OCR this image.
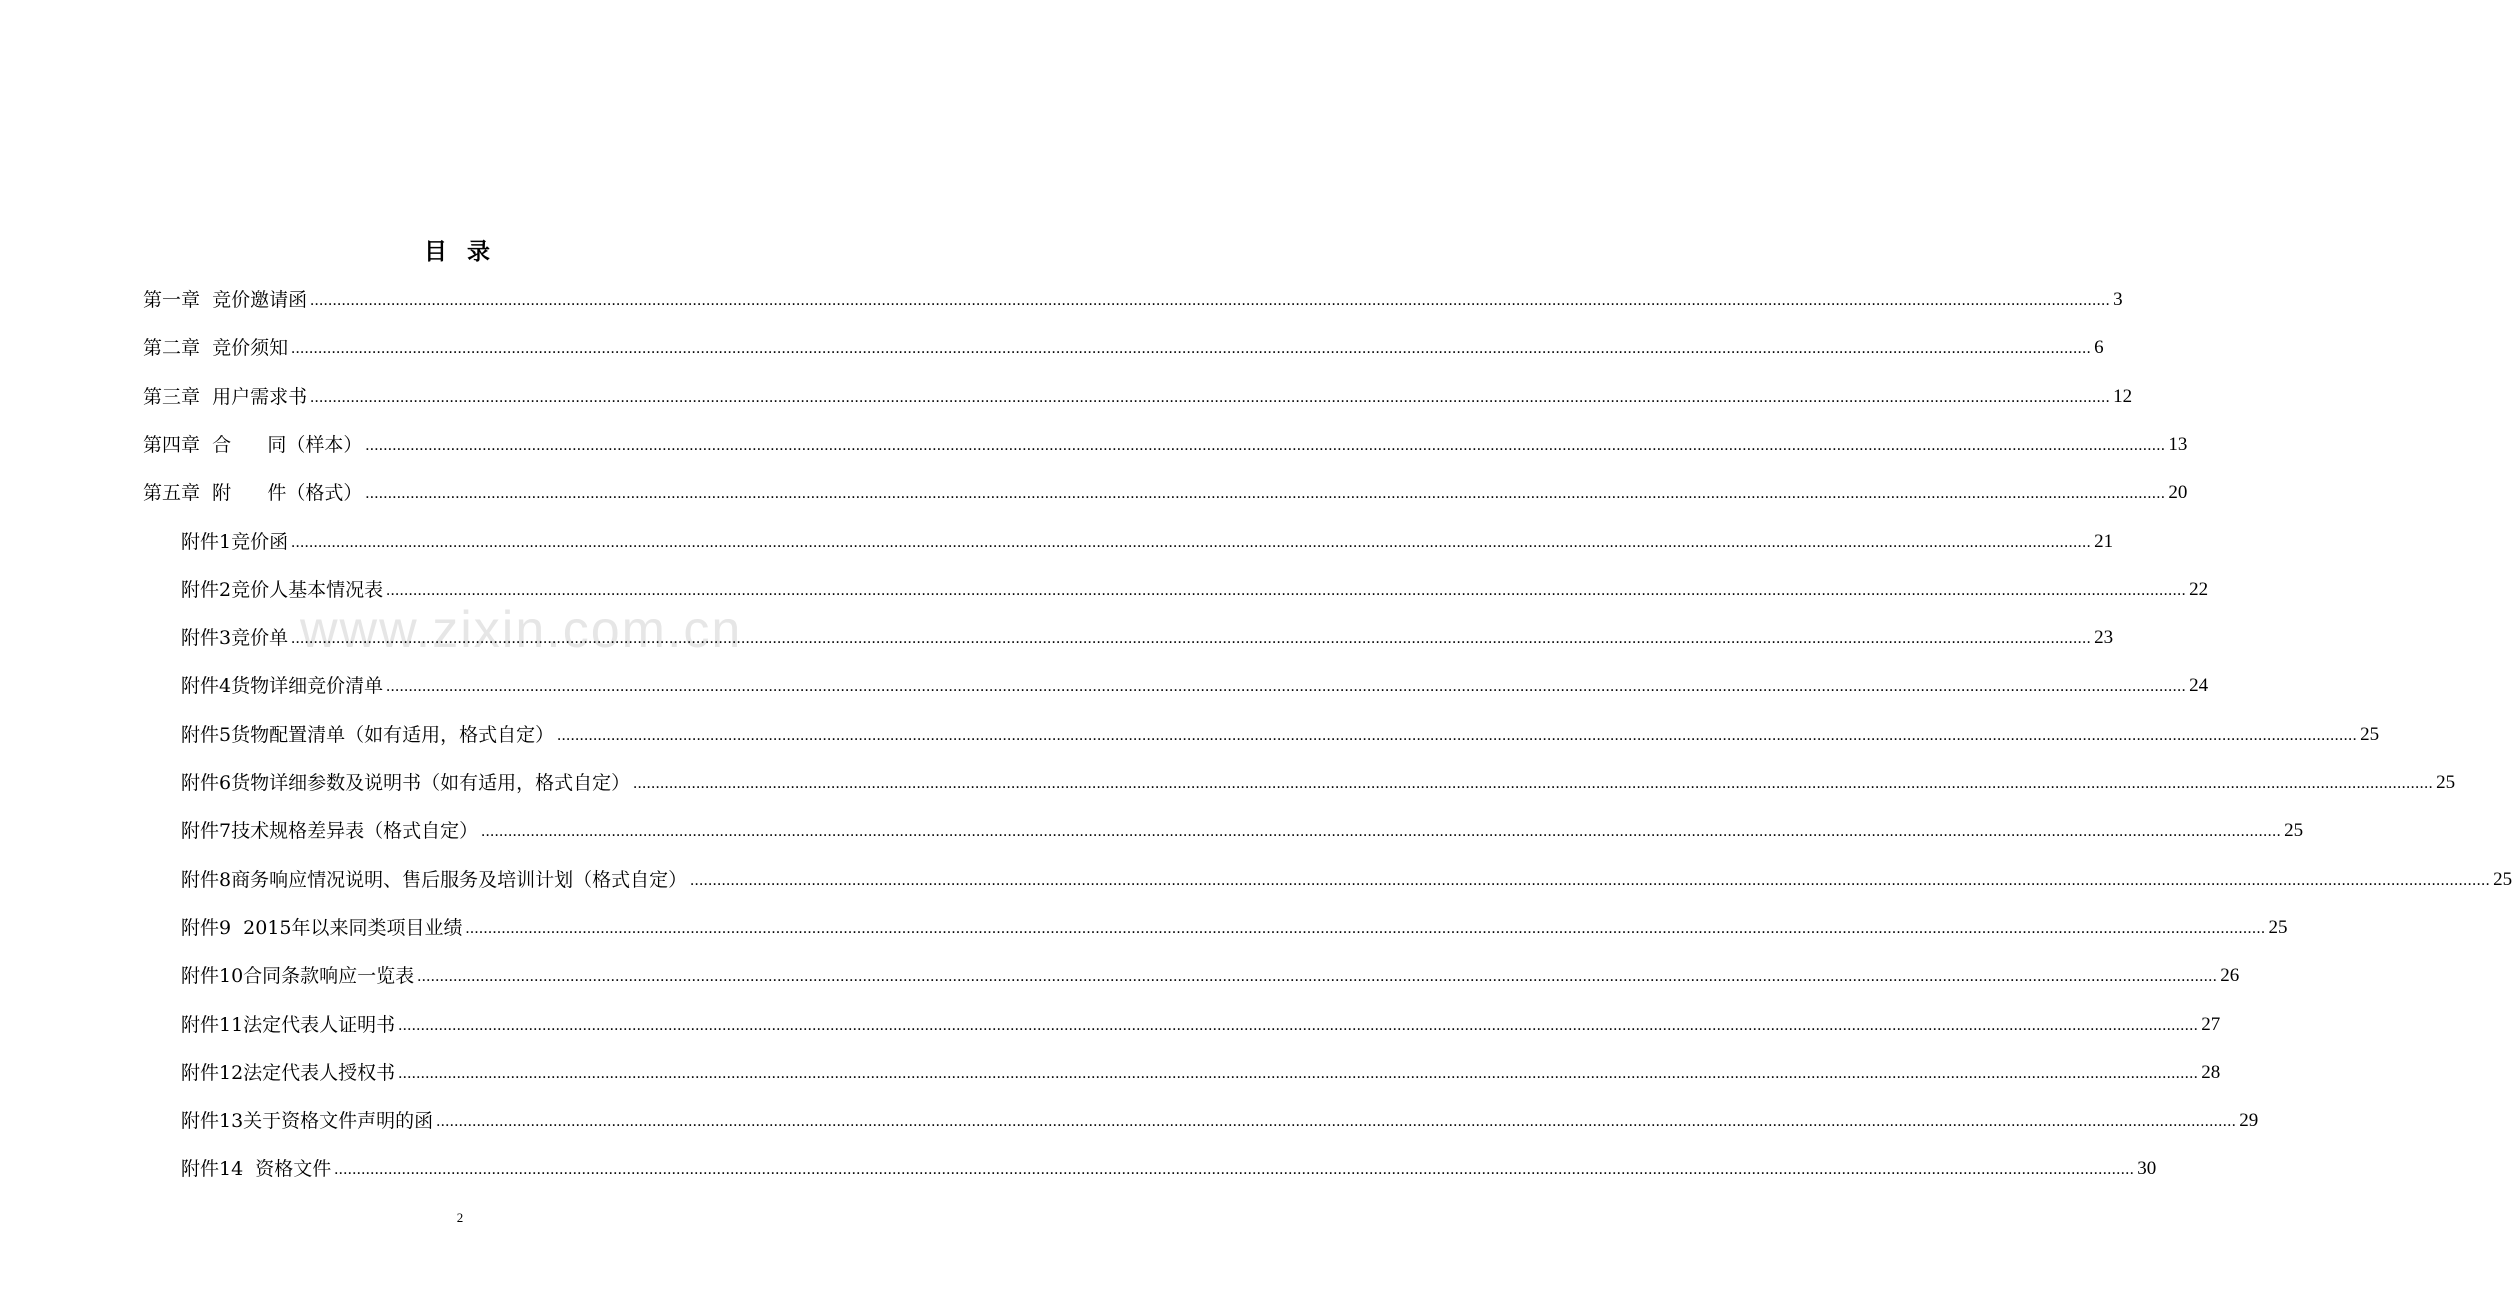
www.zixin.com.cn
目 录
第一章  竞价邀请函 ................................................................................................................................................................................................................................................................................................................................................................................................................ 3
第二章  竞价须知 ................................................................................................................................................................................................................................................................................................................................................................................................................ 6
第三章  用户需求书 ................................................................................................................................................................................................................................................................................................................................................................................................................ 12
第四章  合      同（样本） ................................................................................................................................................................................................................................................................................................................................................................................................................ 13
第五章  附      件（格式） ................................................................................................................................................................................................................................................................................................................................................................................................................ 20
附件1竞价函 ................................................................................................................................................................................................................................................................................................................................................................................................................ 21
附件2竞价人基本情况表 ................................................................................................................................................................................................................................................................................................................................................................................................................ 22
附件3竞价单 ................................................................................................................................................................................................................................................................................................................................................................................................................ 23
附件4货物详细竞价清单 ................................................................................................................................................................................................................................................................................................................................................................................................................ 24
附件5货物配置清单（如有适用，格式自定） ................................................................................................................................................................................................................................................................................................................................................................................................................ 25
附件6货物详细参数及说明书（如有适用，格式自定） ................................................................................................................................................................................................................................................................................................................................................................................................................ 25
附件7技术规格差异表（格式自定） ................................................................................................................................................................................................................................................................................................................................................................................................................ 25
附件8商务响应情况说明、售后服务及培训计划（格式自定） ................................................................................................................................................................................................................................................................................................................................................................................................................ 25
附件9  2015年以来同类项目业绩 ................................................................................................................................................................................................................................................................................................................................................................................................................ 25
附件10合同条款响应一览表 ................................................................................................................................................................................................................................................................................................................................................................................................................ 26
附件11法定代表人证明书 ................................................................................................................................................................................................................................................................................................................................................................................................................ 27
附件12法定代表人授权书 ................................................................................................................................................................................................................................................................................................................................................................................................................ 28
附件13关于资格文件声明的函 ................................................................................................................................................................................................................................................................................................................................................................................................................ 29
附件14  资格文件 ................................................................................................................................................................................................................................................................................................................................................................................................................ 30
2
